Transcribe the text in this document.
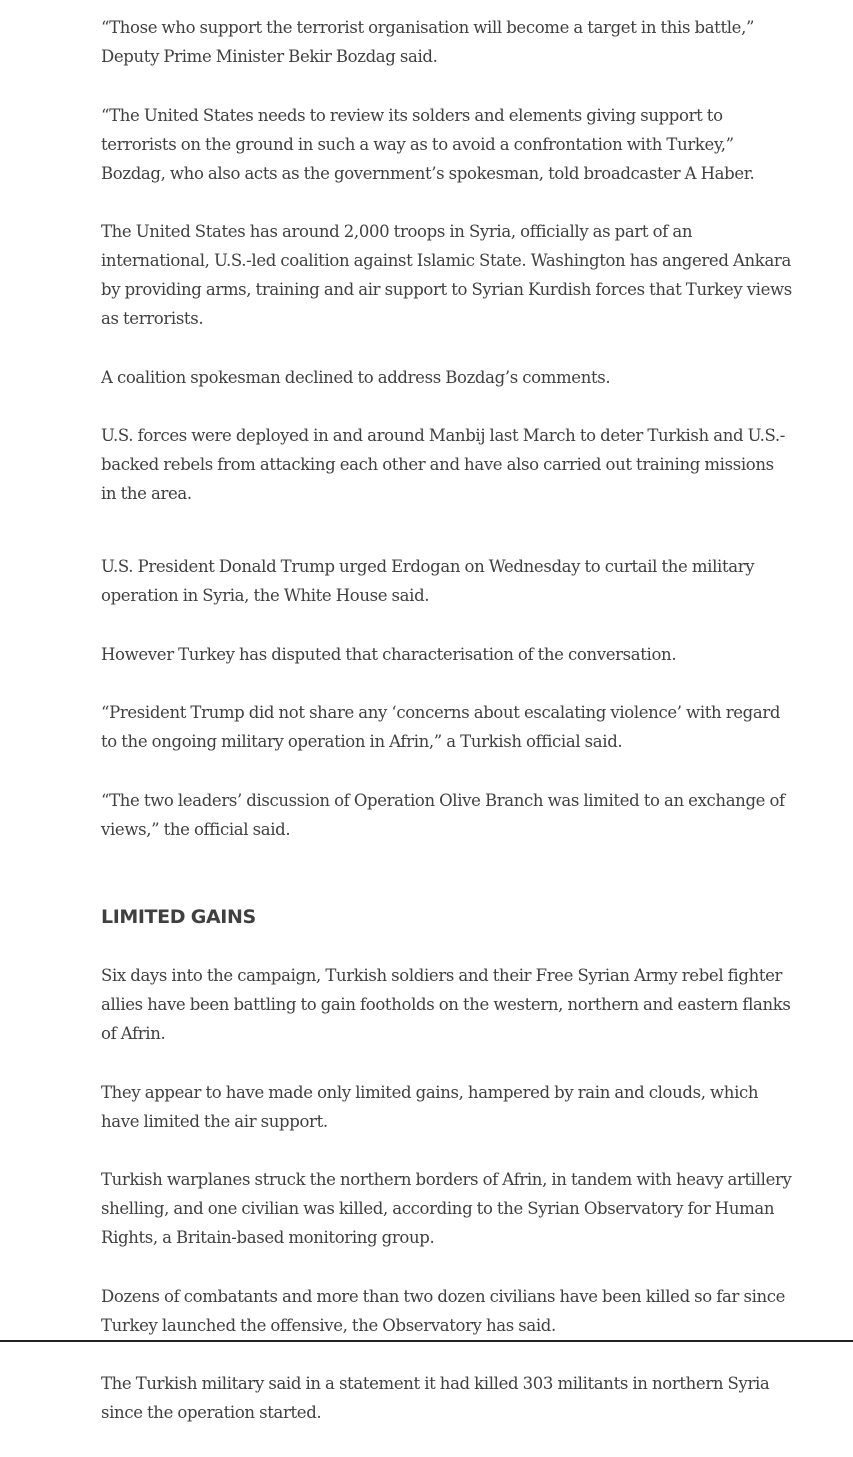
“Those who support the terrorist organisation will become a target in this battle,” Deputy Prime Minister Bekir Bozdag said.

“The United States needs to review its solders and elements giving support to terrorists on the ground in such a way as to avoid a confrontation with Turkey,” Bozdag, who also acts as the government’s spokesman, told broadcaster A Haber.

The United States has around 2,000 troops in Syria, officially as part of an international, U.S.-led coalition against Islamic State. Washington has angered Ankara by providing arms, training and air support to Syrian Kurdish forces that Turkey views as terrorists.

A coalition spokesman declined to address Bozdag’s comments.

U.S. forces were deployed in and around Manbij last March to deter Turkish and U.S.-backed rebels from attacking each other and have also carried out training missions in the area.

U.S. President Donald Trump urged Erdogan on Wednesday to curtail the military operation in Syria, the White House said.

However Turkey has disputed that characterisation of the conversation.

“President Trump did not share any ‘concerns about escalating violence’ with regard to the ongoing military operation in Afrin,” a Turkish official said.

“The two leaders’ discussion of Operation Olive Branch was limited to an exchange of views,” the official said.

LIMITED GAINS

Six days into the campaign, Turkish soldiers and their Free Syrian Army rebel fighter allies have been battling to gain footholds on the western, northern and eastern flanks of Afrin.

They appear to have made only limited gains, hampered by rain and clouds, which have limited the air support.

Turkish warplanes struck the northern borders of Afrin, in tandem with heavy artillery shelling, and one civilian was killed, according to the Syrian Observatory for Human Rights, a Britain-based monitoring group.

Dozens of combatants and more than two dozen civilians have been killed so far since Turkey launched the offensive, the Observatory has said.

The Turkish military said in a statement it had killed 303 militants in northern Syria since the operation started.
